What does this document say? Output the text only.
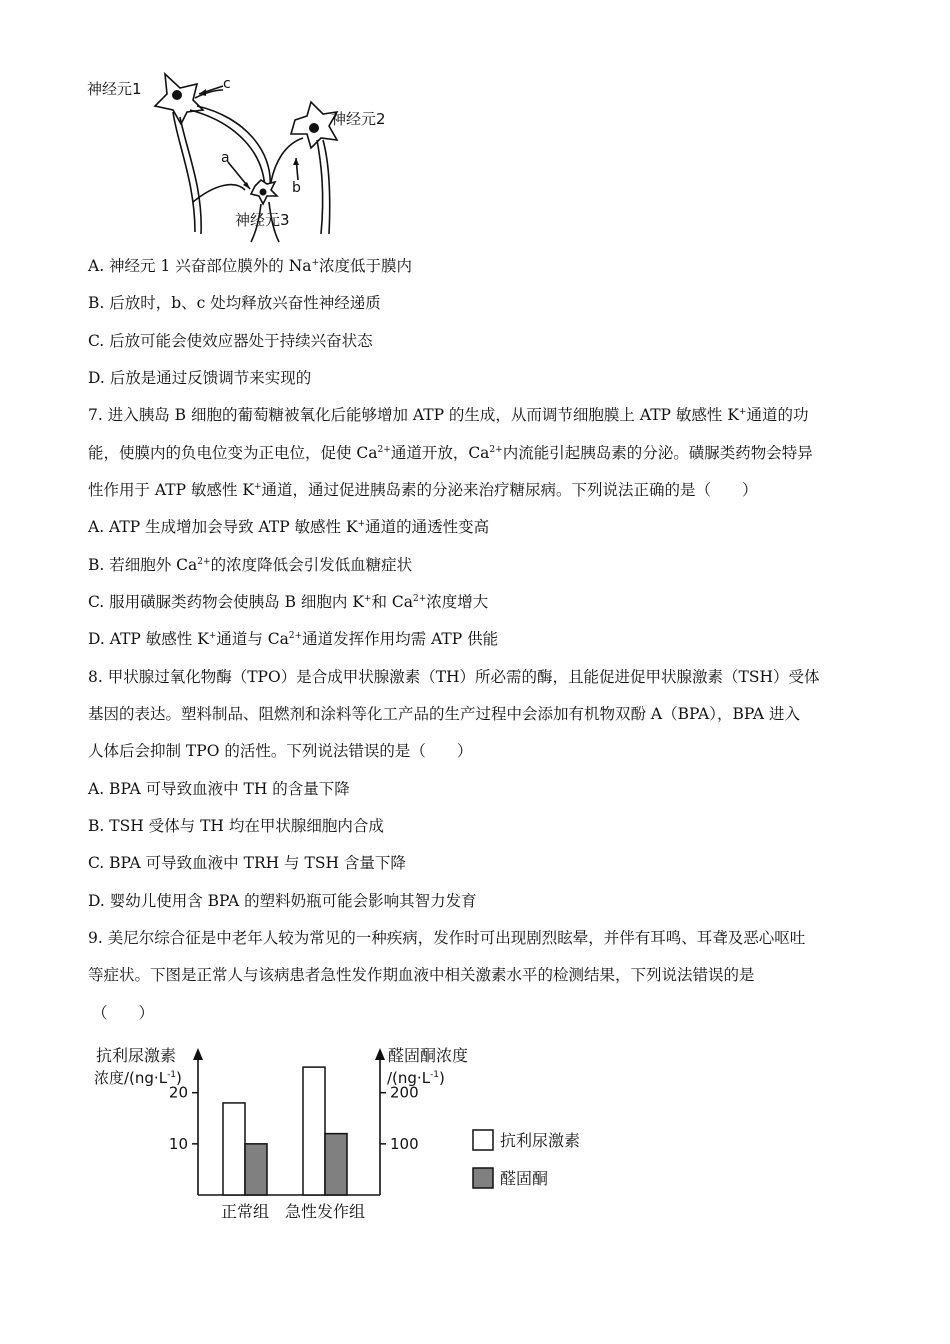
神经元1
神经元2
神经元3
a
b
c
A. 神经元 1 兴奋部位膜外的 Na+浓度低于膜内
B. 后放时，b、c 处均释放兴奋性神经递质
C. 后放可能会使效应器处于持续兴奋状态
D. 后放是通过反馈调节来实现的
7. 进入胰岛 B 细胞的葡萄糖被氧化后能够增加 ATP 的生成，从而调节细胞膜上 ATP 敏感性 K+通道的功
能，使膜内的负电位变为正电位，促使 $Ca^{2+}$通道开放，$Ca^{2+}$内流能引起胰岛素的分泌。磺脲类药物会特异
性作用于 ATP 敏感性 K+通道，通过促进胰岛素的分泌来治疗糖尿病。下列说法正确的是（　　）
A. ATP 生成增加会导致 ATP 敏感性 K+通道的通透性变高
B. 若细胞外 $Ca^{2+}$的浓度降低会引发低血糖症状
C. 服用磺脲类药物会使胰岛 B 细胞内 K+和 $Ca^{2+}$浓度增大
D. ATP 敏感性 K+通道与 $Ca^{2+}$通道发挥作用均需 ATP 供能
8. 甲状腺过氧化物酶（TPO）是合成甲状腺激素（TH）所必需的酶，且能促进促甲状腺激素（TSH）受体
基因的表达。塑料制品、阻燃剂和涂料等化工产品的生产过程中会添加有机物双酚 A（BPA），BPA 进入
人体后会抑制 TPO 的活性。下列说法错误的是（　　）
A. BPA 可导致血液中 TH 的含量下降
B. TSH 受体与 TH 均在甲状腺细胞内合成
C. BPA 可导致血液中 TRH 与 TSH 含量下降
D. 婴幼儿使用含 BPA 的塑料奶瓶可能会影响其智力发育
9. 美尼尔综合征是中老年人较为常见的一种疾病，发作时可出现剧烈眩晕，并伴有耳鸣、耳聋及恶心呕吐
等症状。下图是正常人与该病患者急性发作期血液中相关激素水平的检测结果，下列说法错误的是
（　　）
抗利尿激素
浓度$/(ng\cdot L^{-1})$
醛固酮浓度
$/(ng\cdot L^{-1})$
10
20
100
200
正常组 急性发作组
抗利尿激素
醛固酮
